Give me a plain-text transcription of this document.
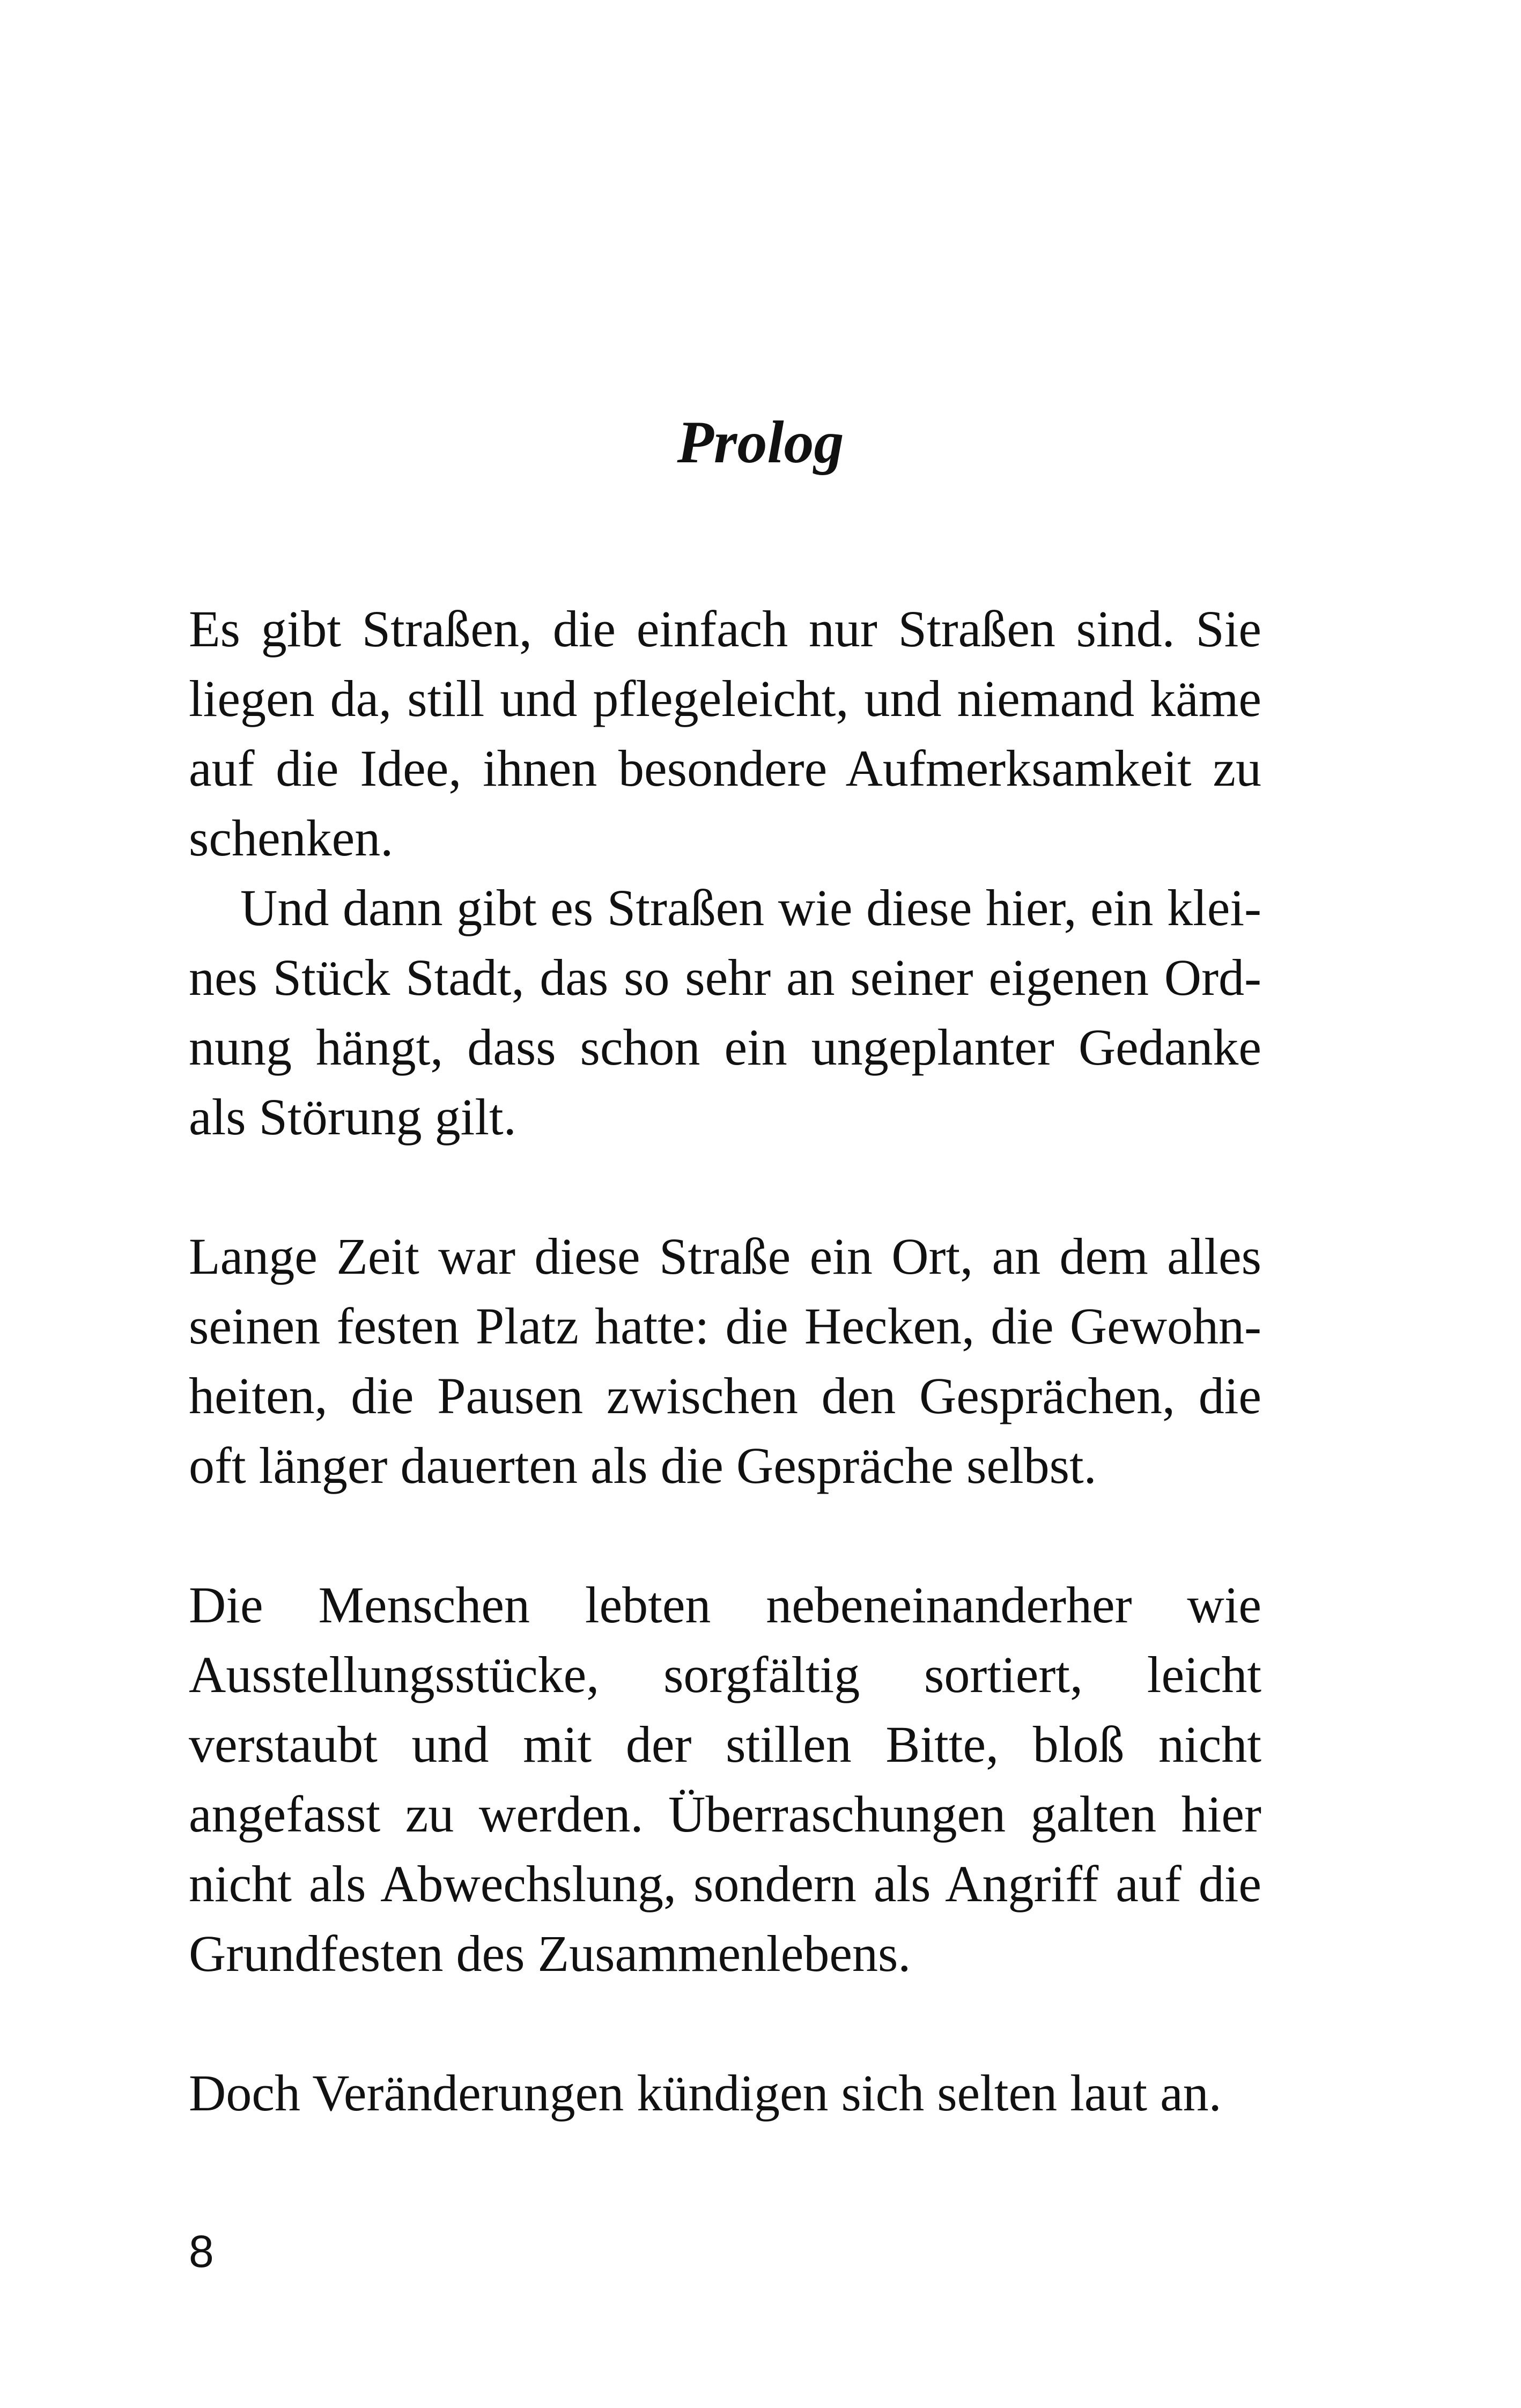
Prolog

Es gibt Straßen, die einfach nur Straßen sind. Sie liegen da, still und pflegeleicht, und niemand käme auf die Idee, ihnen besondere Aufmerksamkeit zu schenken.

Und dann gibt es Straßen wie diese hier, ein kleines Stück Stadt, das so sehr an seiner eigenen Ordnung hängt, dass schon ein ungeplanter Gedanke als Störung gilt.

Lange Zeit war diese Straße ein Ort, an dem alles seinen festen Platz hatte: die Hecken, die Gewohnheiten, die Pausen zwischen den Gesprächen, die oft länger dauerten als die Gespräche selbst.

Die Menschen lebten nebeneinanderher wie Ausstellungsstücke, sorgfältig sortiert, leicht verstaubt und mit der stillen Bitte, bloß nicht angefasst zu werden. Überraschungen galten hier nicht als Abwechslung, sondern als Angriff auf die Grundfesten des Zusammenlebens.

Doch Veränderungen kündigen sich selten laut an.

8
